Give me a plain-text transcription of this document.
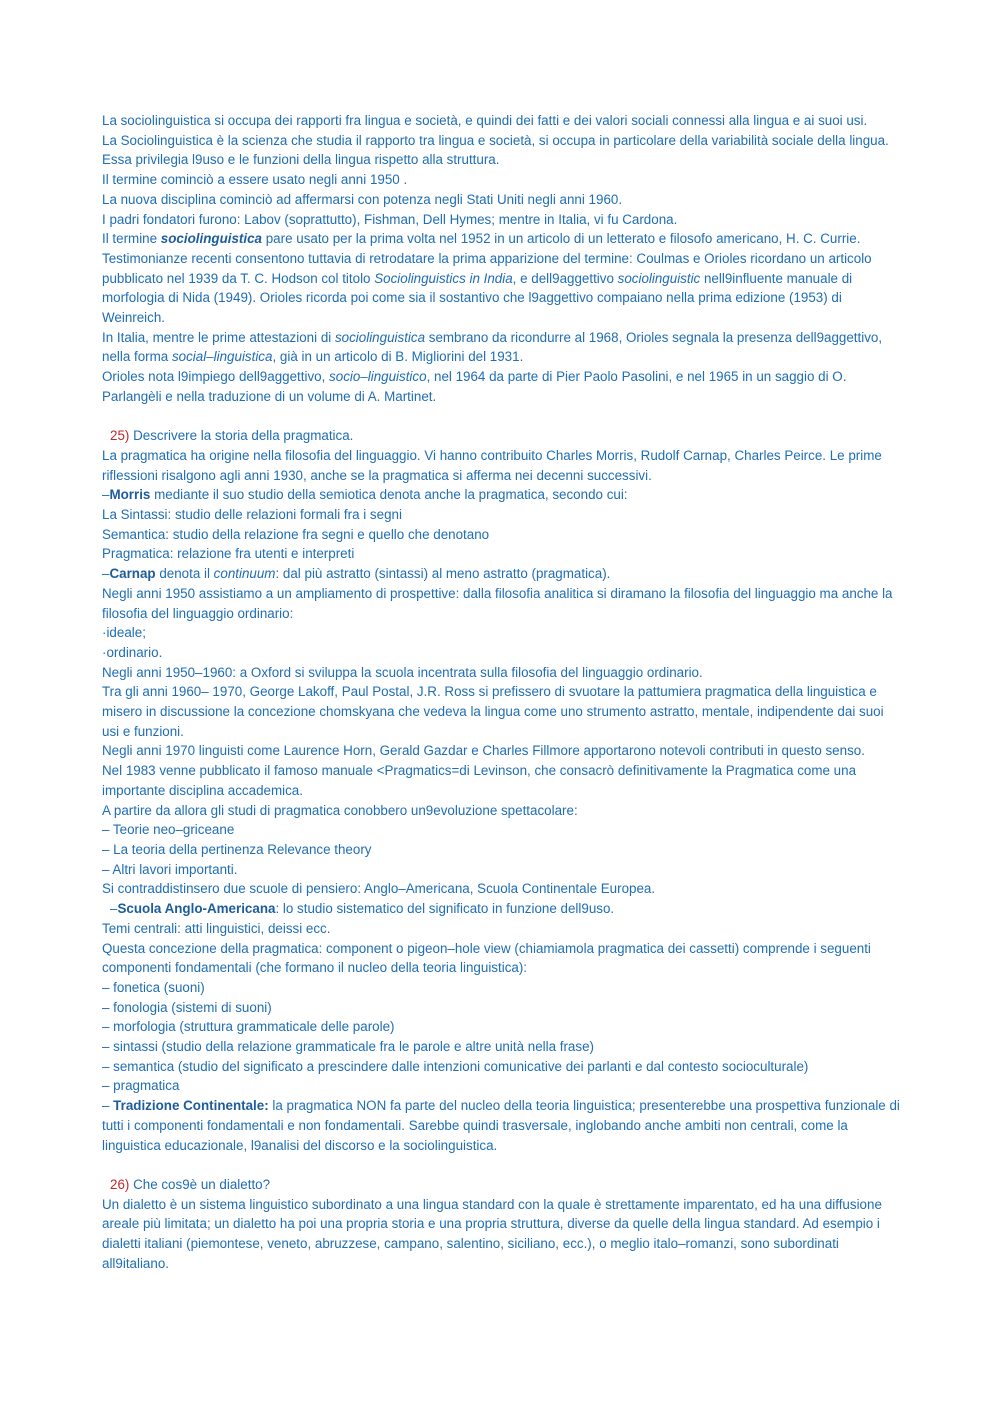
La sociolinguistica si occupa dei rapporti fra lingua e società, e quindi dei fatti e dei valori sociali connessi alla lingua e ai suoi usi.

La Sociolinguistica è la scienza che studia il rapporto tra lingua e società, si occupa in particolare della variabilità sociale della lingua.

Essa privilegia l9uso e le funzioni della lingua rispetto alla struttura.

Il termine cominciò a essere usato negli anni 1950 .

La nuova disciplina cominciò ad affermarsi con potenza negli Stati Uniti negli anni 1960.

I padri fondatori furono: Labov (soprattutto), Fishman, Dell Hymes; mentre in Italia, vi fu Cardona.

Il termine sociolinguistica pare usato per la prima volta nel 1952 in un articolo di un letterato e filosofo americano, H. C. Currie. Testimonianze recenti consentono tuttavia di retrodatare la prima apparizione del termine: Coulmas e Orioles ricordano un articolo pubblicato nel 1939 da T. C. Hodson col titolo Sociolinguistics in India, e dell9aggettivo sociolinguistic nell9influente manuale di morfologia di Nida (1949). Orioles ricorda poi come sia il sostantivo che l9aggettivo compaiano nella prima edizione (1953) di Weinreich.

In Italia, mentre le prime attestazioni di sociolinguistica sembrano da ricondurre al 1968, Orioles segnala la presenza dell9aggettivo, nella forma social–linguistica, già in un articolo di B. Migliorini del 1931.

Orioles nota l9impiego dell9aggettivo, socio–linguistico, nel 1964 da parte di Pier Paolo Pasolini, e nel 1965 in un saggio di O. Parlangèli e nella traduzione di un volume di A. Martinet.

25) Descrivere la storia della pragmatica.

La pragmatica ha origine nella filosofia del linguaggio. Vi hanno contribuito Charles Morris, Rudolf Carnap, Charles Peirce. Le prime riflessioni risalgono agli anni 1930, anche se la pragmatica si afferma nei decenni successivi.

–Morris mediante il suo studio della semiotica denota anche la pragmatica, secondo cui:

La Sintassi: studio delle relazioni formali fra i segni

Semantica: studio della relazione fra segni e quello che denotano

Pragmatica: relazione fra utenti e interpreti

–Carnap denota il continuum: dal più astratto (sintassi) al meno astratto (pragmatica).

Negli anni 1950 assistiamo a un ampliamento di prospettive: dalla filosofia analitica si diramano la filosofia del linguaggio ma anche la filosofia del linguaggio ordinario:

·ideale;

·ordinario.

Negli anni 1950–1960: a Oxford si sviluppa la scuola incentrata sulla filosofia del linguaggio ordinario.

Tra gli anni 1960– 1970, George Lakoff, Paul Postal, J.R. Ross si prefissero di svuotare la pattumiera pragmatica della linguistica e misero in discussione la concezione chomskyana che vedeva la lingua come uno strumento astratto, mentale, indipendente dai suoi usi e funzioni.

Negli anni 1970 linguisti come Laurence Horn, Gerald Gazdar e Charles Fillmore apportarono notevoli contributi in questo senso.

Nel 1983 venne pubblicato il famoso manuale <Pragmatics=di Levinson, che consacrò definitivamente la Pragmatica come una importante disciplina accademica.

A partire da allora gli studi di pragmatica conobbero un9evoluzione spettacolare:

– Teorie neo–griceane

– La teoria della pertinenza Relevance theory

– Altri lavori importanti.

Si contraddistinsero due scuole di pensiero: Anglo–Americana, Scuola Continentale Europea.

–Scuola Anglo-Americana: lo studio sistematico del significato in funzione dell9uso.

Temi centrali: atti linguistici, deissi ecc.

Questa concezione della pragmatica: component o pigeon–hole view (chiamiamola pragmatica dei cassetti) comprende i seguenti componenti fondamentali (che formano il nucleo della teoria linguistica):

– fonetica (suoni)

– fonologia (sistemi di suoni)

– morfologia (struttura grammaticale delle parole)

– sintassi (studio della relazione grammaticale fra le parole e altre unità nella frase)

– semantica (studio del significato a prescindere dalle intenzioni comunicative dei parlanti e dal contesto socioculturale)

– pragmatica

– Tradizione Continentale: la pragmatica NON fa parte del nucleo della teoria linguistica; presenterebbe una prospettiva funzionale di tutti i componenti fondamentali e non fondamentali. Sarebbe quindi trasversale, inglobando anche ambiti non centrali, come la linguistica educazionale, l9analisi del discorso e la sociolinguistica.

26) Che cos9è un dialetto?

Un dialetto è un sistema linguistico subordinato a una lingua standard con la quale è strettamente imparentato, ed ha una diffusione areale più limitata; un dialetto ha poi una propria storia e una propria struttura, diverse da quelle della lingua standard. Ad esempio i dialetti italiani (piemontese, veneto, abruzzese, campano, salentino, siciliano, ecc.), o meglio italo–romanzi, sono subordinati all9italiano.
